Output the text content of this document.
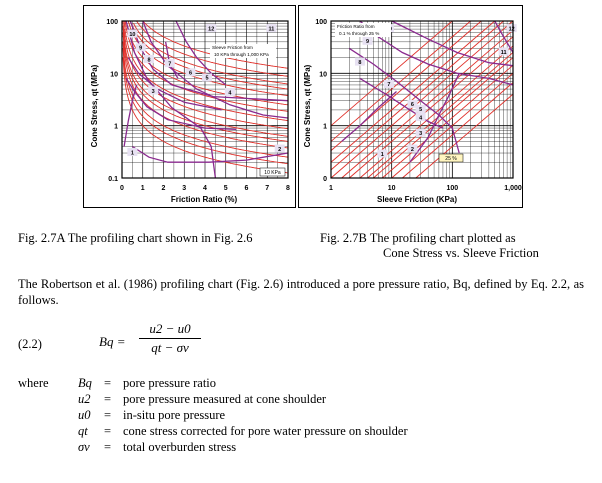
12	11
10
9
8
7
6
5
4
3
2
1
Sleeve Friction from
10 KPa through 1,000 KPa
10 KPa
100
10
1
0.1
0 1 2 3 4 5 6 7 8
Cone Stress, qt (MPa)
Friction Ratio (%)
12
11
9
8
7
6
5
4
3
2
1
Friction Ratio from
0.1 % through 25 %
25 %
100
10
1
0
1	10	100	1,000
Cone Stress, qt (MPa)
Sleeve Friction (KPa)
Fig. 2.7A The profiling chart shown in Fig. 2.6	Fig. 2.7B The profiling chart plotted as
Cone Stress vs. Sleeve Friction
The Robertson et al. (1986) profiling chart (Fig. 2.6) introduced a pore pressure ratio, Bq, defined by Eq. 2.2, as follows.
(2.2)	$Bq = \frac{u2 - u0}{qt - \sigma v}$
where Bq = pore pressure ratio
u2	= pore pressure measured at cone shoulder
u0	= in-situ pore pressure
qt	= cone stress corrected for pore water pressure on shoulder
σv	= total overburden stress
